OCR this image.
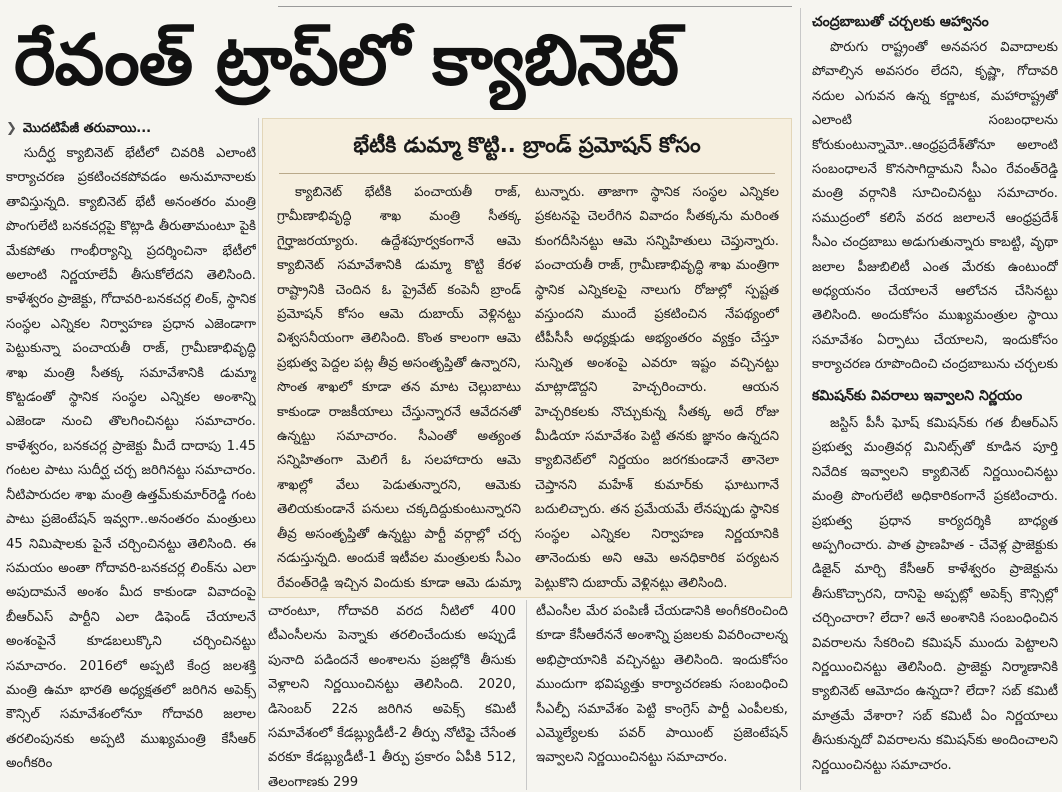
రేవంత్ ట్రాప్‌లో క్యాబినెట్
❯ మొదటిపేజీ తరువాయి...

సుదీర్ఘ క్యాబినెట్ భేటీలో చివరికి ఎలాంటి కార్యాచరణ ప్రకటించకపోవడం అనుమానాలకు తావిస్తున్నది. క్యాబినెట్ భేటీ అనంతరం మంత్రి పొంగులేటి బనకచర్లపై కొట్లాడి తీరుతామంటూ పైకి మేకపోతు గాంభీర్యాన్ని ప్రదర్శించినా భేటీలో అలాంటి నిర్ణయాలేవీ తీసుకోలేదని తెలిసింది. కాళేశ్వరం ప్రాజెక్టు, గోదావరి-బనకచర్ల లింక్, స్థానిక సంస్థల ఎన్నికల నిర్వాహణ ప్రధాన ఎజెండాగా పెట్టుకున్నా పంచాయతీ రాజ్, గ్రామీణాభివృద్ధి శాఖ మంత్రి సీతక్క సమావేశానికి డుమ్మా కొట్టడంతో స్థానిక సంస్థల ఎన్నికల అంశాన్ని ఎజెండా నుంచి తొలగించినట్టు సమాచారం. కాళేశ్వరం, బనకచర్ల ప్రాజెక్టు మీదే దాదాపు 1.45 గంటల పాటు సుదీర్ఘ చర్చ జరిగినట్టు సమాచారం. నీటిపారుదల శాఖ మంత్రి ఉత్తమ్‌కుమార్‌రెడ్డి గంట పాటు ప్రజెంటేషన్ ఇవ్వగా..అనంతరం మంత్రులు 45 నిమిషాలకు పైనే చర్చించినట్టు తెలిసింది. ఈ సమయం అంతా గోదావరి-బనకచర్ల లింక్‌ను ఎలా అపుదామనే అంశం మీద కాకుండా వివాదంపై బీఆర్ఎస్ పార్టీని ఎలా డిఫెండ్ చేయాలనే అంశంపైనే కూడబలుక్కొని చర్చించినట్టు సమాచారం. 2016లో అప్పటి కేంద్ర జలశక్తి మంత్రి ఉమా భారతి అధ్యక్షతలో జరిగిన అపెక్స్ కౌన్సిల్ సమావేశంలోనూ గోదావరి జలాల తరలింపునకు అప్పటి ముఖ్యమంత్రి కేసీఆర్ అంగీకరిం

భేటీకి డుమ్మా కొట్టి.. బ్రాండ్ ప్రమోషన్ కోసం

క్యాబినెట్ భేటీకి పంచాయతీ రాజ్, గ్రామీణాభివృద్ధి శాఖ మంత్రి సీతక్క గైర్హాజరయ్యారు. ఉద్దేశపూర్వకంగానే ఆమె క్యాబినెట్ సమావేశానికి డుమ్మా కొట్టి కేరళ రాష్ట్రానికి చెందిన ఓ ప్రైవేట్ కంపెనీ బ్రాండ్ ప్రమోషన్ కోసం ఆమె దుబాయ్ వెళ్లినట్టు విశ్వసనీయంగా తెలిసింది. కొంత కాలంగా ఆమె ప్రభుత్వ పెద్దల పట్ల తీవ్ర అసంతృప్తితో ఉన్నారని, సొంత శాఖలో కూడా తన మాట చెల్లుబాటు కాకుండా రాజకీయాలు చేస్తున్నారనే ఆవేదనతో ఉన్నట్టు సమాచారం. సీఎంతో అత్యంత సన్నిహితంగా మెలిగే ఓ సలహాదారు ఆమె శాఖల్లో వేలు పెడుతున్నారని, ఆమెకు తెలియకుండానే పనులు చక్కదిద్దుకుంటున్నారని తీవ్ర అసంతృప్తితో ఉన్నట్టు పార్టీ వర్గాల్లో చర్చ నడుస్తున్నది. అందుకే ఇటీవల మంత్రులకు సీఎం రేవంత్‌రెడ్డి ఇచ్చిన విందుకు కూడా ఆమె డుమ్మా

టున్నారు. తాజాగా స్థానిక సంస్థల ఎన్నికల ప్రకటనపై చెలరేగిన వివాదం సీతక్కను మరింత కుంగదీసినట్టు ఆమె సన్నిహితులు చెప్తున్నారు. పంచాయతీ రాజ్, గ్రామీణాభివృద్ధి శాఖ మంత్రిగా స్థానిక ఎన్నికలపై నాలుగు రోజుల్లో స్పష్టత వస్తుందని ముందే ప్రకటించిన నేపథ్యంలో టీపీసీసీ అధ్యక్షుడు అభ్యంతరం వ్యక్తం చేస్తూ సున్నిత అంశంపై ఎవరూ ఇష్టం వచ్చినట్టు మాట్లాడొద్దని హెచ్చరించారు. ఆయన హెచ్చరికలకు నొచ్చుకున్న సీతక్క అదే రోజు మీడియా సమావేశం పెట్టి తనకు జ్ఞానం ఉన్నదని క్యాబినెట్‌లో నిర్ణయం జరగకుండానే తానెలా చెప్తానని మహేశ్ కుమార్‌కు ఘాటుగానే బదులిచ్చారు. తన ప్రమేయమే లేనప్పుడు స్థానిక సంస్థల ఎన్నికల నిర్వాహణ నిర్ణయానికి తానెందుకు అని ఆమె అనధికారిక పర్యటన పెట్టుకొని దుబాయ్ వెళ్లినట్టు తెలిసింది.

చారంటూ, గోదావరి వరద నీటిలో 400 టీఎంసీలను పెన్నాకు తరలించేందుకు అప్పుడే పునాది పడిందనే అంశాలను ప్రజల్లోకి తీసుకు వెళ్లాలని నిర్ణయించినట్టు తెలిసింది. 2020, డిసెంబర్ 22న జరిగిన అపెక్స్ కమిటీ సమావేశంలో కేడబ్ల్యుడీటీ-2 తీర్పు నోటిఫై చేసేంత వరకూ కేడబ్ల్యుడీటీ-1 తీర్పు ప్రకారం ఏపీకి 512, తెలంగాణకు 299

టీఎంసీల మేర పంపిణీ చేయడానికి అంగీకరించింది కూడా కేసీఆరేననే అంశాన్ని ప్రజలకు వివరించాలన్న అభిప్రాయానికి వచ్చినట్టు తెలిసింది. ఇందుకోసం ముందుగా భవిష్యత్తు కార్యాచరణకు సంబంధించి సీఎల్పీ సమావేశం పెట్టి కాంగ్రెస్ పార్టీ ఎంపీలకు, ఎమ్మెల్యేలకు పవర్ పాయింట్ ప్రజెంటేషన్ ఇవ్వాలని నిర్ణయించినట్టు సమాచారం.

చంద్రబాబుతో చర్చలకు ఆహ్వానం

పొరుగు రాష్ట్రంతో అనవసర వివాదాలకు పోవాల్సిన అవసరం లేదని, కృష్ణా, గోదావరి నదుల ఎగువన ఉన్న కర్ణాటక, మహారాష్ట్రతో ఎలాంటి సంబంధాలను కోరుకుంటున్నామో..ఆంధ్రప్రదేశ్‌తోనూ అలాంటి సంబంధాలనే కొనసాగిద్దామని సీఎం రేవంత్‌రెడ్డి మంత్రి వర్గానికి సూచించినట్టు సమాచారం. సముద్రంలో కలిసే వరద జలాలనే ఆంధ్రప్రదేశ్ సీఎం చంద్రబాబు అడుగుతున్నారు కాబట్టి, వృథా జలాల పీజుబిలిటీ ఎంత మేరకు ఉంటుందో అధ్యయనం చేయాలనే ఆలోచన చేసినట్టు తెలిసింది. అందుకోసం ముఖ్యమంత్రుల స్థాయి సమావేశం ఏర్పాటు చేయాలని, ఇందుకోసం కార్యాచరణ రూపొందించి చంద్రబాబును చర్చలకు

కమిషన్‌కు వివరాలు ఇవ్వాలని నిర్ణయం

జస్టిస్ పీసీ ఘోష్ కమిషన్‌కు గత బీఆర్ఎస్ ప్రభుత్వ మంత్రివర్గ మినిట్స్‌తో కూడిన పూర్తి నివేదిక ఇవ్వాలని క్యాబినెట్ నిర్ణయించినట్టు మంత్రి పొంగులేటి అధికారికంగానే ప్రకటించారు. ప్రభుత్వ ప్రధాన కార్యదర్శికి బాధ్యత అప్పగించారు. పాత ప్రాణహిత - చేవెళ్ల ప్రాజెక్టుకు డిజైన్ మార్చి కేసీఆర్ కాళేశ్వరం ప్రాజెక్టును తీసుకొచ్చారని, దానిపై అప్పట్లో అపెక్స్ కౌన్సిల్లో చర్చించారా? లేదా? అనే అంశానికి సంబంధించిన వివరాలను సేకరించి కమిషన్ ముందు పెట్టాలని నిర్ణయించినట్టు తెలిసింది. ప్రాజెక్టు నిర్మాణానికి క్యాబినెట్ ఆమోదం ఉన్నదా? లేదా? సబ్ కమిటీ మాత్రమే వేశారా? సబ్ కమిటీ ఏం నిర్ణయాలు తీసుకున్నదో వివరాలను కమిషన్‌కు అందించాలని నిర్ణయించినట్టు సమాచారం.
